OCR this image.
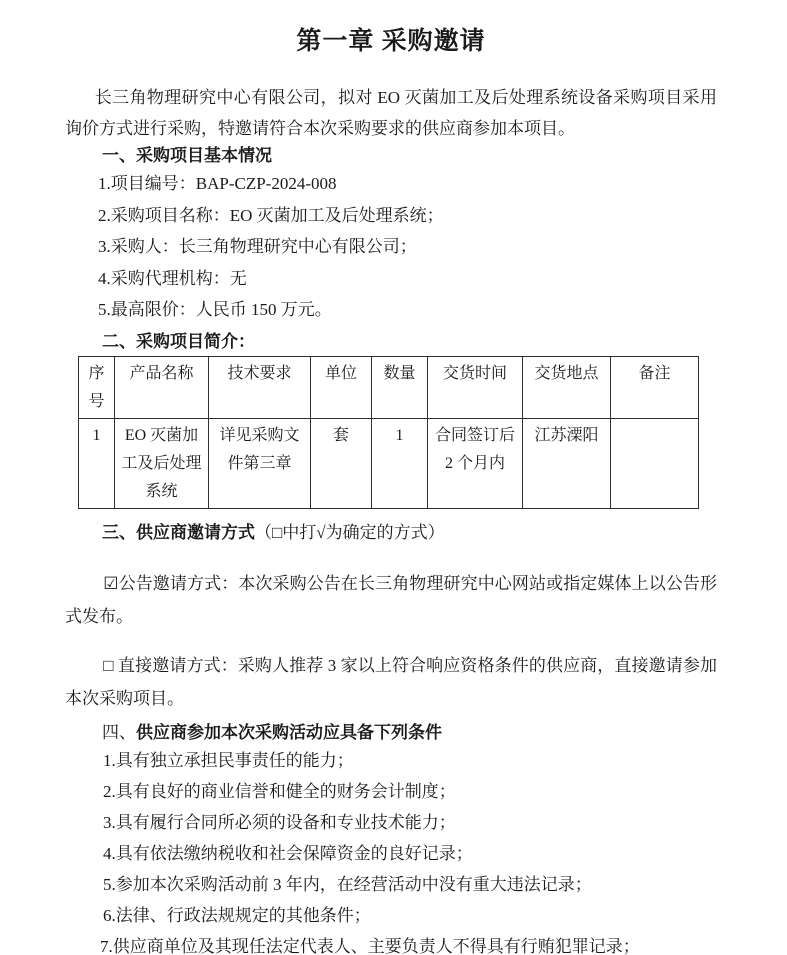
第一章 采购邀请

长三角物理研究中心有限公司，拟对 EO 灭菌加工及后处理系统设备采购项目采用询价方式进行采购，特邀请符合本次采购要求的供应商参加本项目。

一、采购项目基本情况

1.项目编号：BAP-CZP-2024-008

2.采购项目名称：EO 灭菌加工及后处理系统；

3.采购人：长三角物理研究中心有限公司；

4.采购代理机构：无

5.最高限价：人民币 150 万元。

二、采购项目简介：
序号	产品名称	技术要求	单位	数量	交货时间	交货地点	备注
1	EO 灭菌加工及后处理系统	详见采购文件第三章	套	1	合同签订后 2 个月内	江苏溧阳	
三、供应商邀请方式（□中打√为确定的方式）

☑公告邀请方式：本次采购公告在长三角物理研究中心网站或指定媒体上以公告形式发布。

□ 直接邀请方式：采购人推荐 3 家以上符合响应资格条件的供应商，直接邀请参加本次采购项目。

四、供应商参加本次采购活动应具备下列条件

1.具有独立承担民事责任的能力；

2.具有良好的商业信誉和健全的财务会计制度；

3.具有履行合同所必须的设备和专业技术能力；

4.具有依法缴纳税收和社会保障资金的良好记录；

5.参加本次采购活动前 3 年内，在经营活动中没有重大违法记录；

6.法律、行政法规规定的其他条件；

7.供应商单位及其现任法定代表人、主要负责人不得具有行贿犯罪记录；
